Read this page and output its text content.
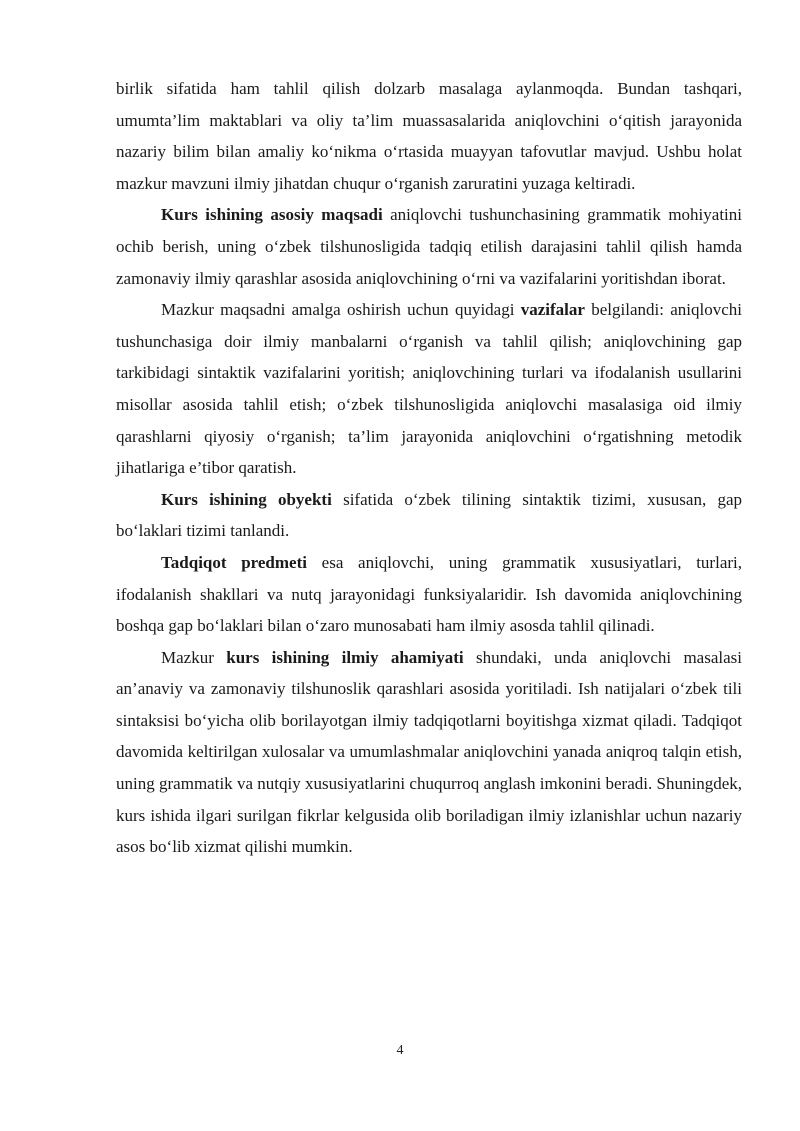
birlik sifatida ham tahlil qilish dolzarb masalaga aylanmoqda. Bundan tashqari, umumta’lim maktablari va oliy ta’lim muassasalarida aniqlovchini o‘qitish jarayonida nazariy bilim bilan amaliy ko‘nikma o‘rtasida muayyan tafovutlar mavjud. Ushbu holat mazkur mavzuni ilmiy jihatdan chuqur o‘rganish zaruratini yuzaga keltiradi.

Kurs ishining asosiy maqsadi aniqlovchi tushunchasining grammatik mohiyatini ochib berish, uning o‘zbek tilshunosligida tadqiq etilish darajasini tahlil qilish hamda zamonaviy ilmiy qarashlar asosida aniqlovchining o‘rni va vazifalarini yoritishdan iborat.

Mazkur maqsadni amalga oshirish uchun quyidagi vazifalar belgilandi: aniqlovchi tushunchasiga doir ilmiy manbalarni o‘rganish va tahlil qilish; aniqlovchining gap tarkibidagi sintaktik vazifalarini yoritish; aniqlovchining turlari va ifodalanish usullarini misollar asosida tahlil etish; o‘zbek tilshunosligida aniqlovchi masalasiga oid ilmiy qarashlarni qiyosiy o‘rganish; ta’lim jarayonida aniqlovchini o‘rgatishning metodik jihatlariga e’tibor qaratish.

Kurs ishining obyekti sifatida o‘zbek tilining sintaktik tizimi, xususan, gap bo‘laklari tizimi tanlandi.

Tadqiqot predmeti esa aniqlovchi, uning grammatik xususiyatlari, turlari, ifodalanish shakllari va nutq jarayonidagi funksiyalaridir. Ish davomida aniqlovchining boshqa gap bo‘laklari bilan o‘zaro munosabati ham ilmiy asosda tahlil qilinadi.

Mazkur kurs ishining ilmiy ahamiyati shundaki, unda aniqlovchi masalasi an’anaviy va zamonaviy tilshunoslik qarashlari asosida yoritiladi. Ish natijalari o‘zbek tili sintaksisi bo‘yicha olib borilayotgan ilmiy tadqiqotlarni boyitishga xizmat qiladi. Tadqiqot davomida keltirilgan xulosalar va umumlashmalar aniqlovchini yanada aniqroq talqin etish, uning grammatik va nutqiy xususiyatlarini chuqurroq anglash imkonini beradi. Shuningdek, kurs ishida ilgari surilgan fikrlar kelgusida olib boriladigan ilmiy izlanishlar uchun nazariy asos bo‘lib xizmat qilishi mumkin.

4
